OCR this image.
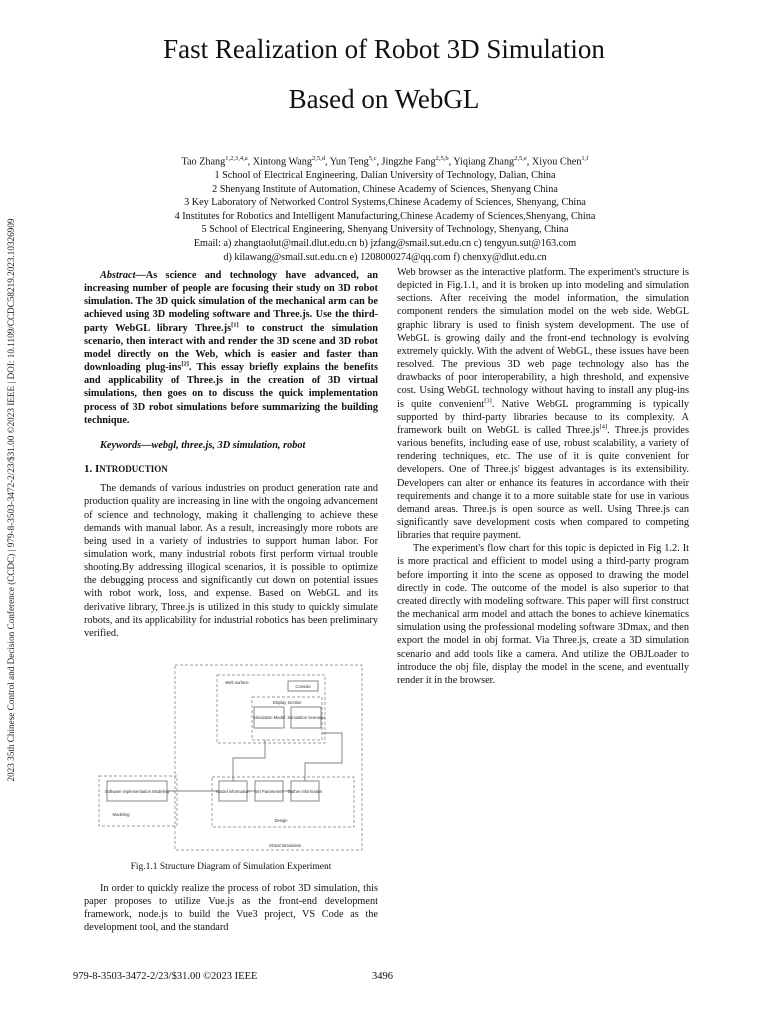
2023 35th Chinese Control and Decision Conference (CCDC) | 979-8-3503-3472-2/23/$31.00 ©2023 IEEE | DOI: 10.1109/CCDC58219.2023.10326909
Fast Realization of Robot 3D Simulation
Based on WebGL
Tao Zhang$^{1,2,3,4,a}$, Xintong Wang$^{2,5,d}$, Yun Teng$^{5,c}$, Jingzhe Fang$^{2,5,b}$, Yiqiang Zhang$^{2,5,e}$, Xiyou Chen$^{1,f}$
1 School of Electrical Engineering, Dalian University of Technology, Dalian, China
2 Shenyang Institute of Automation, Chinese Academy of Sciences, Shenyang China
3 Key Laboratory of Networked Control Systems,Chinese Academy of Sciences, Shenyang, China
4 Institutes for Robotics and Intelligent Manufacturing,Chinese Academy of Sciences,Shenyang, China
5 School of Electrical Engineering, Shenyang University of Technology, Shenyang, China
Email: a) zhangtaolut@mail.dlut.edu.cn b) jzfang@smail.sut.edu.cn c) tengyun.sut@163.com
d) kilawang@smail.sut.edu.cn e) 1208000274@qq.com f) chenxy@dlut.edu.cn

Abstract—As science and technology have advanced, an increasing number of people are focusing their study on 3D robot simulation. The 3D quick simulation of the mechanical arm can be achieved using 3D modeling software and Three.js. Use the third-party WebGL library Three.js[1] to construct the simulation scenario, then interact with and render the 3D scene and 3D robot model directly on the Web, which is easier and faster than downloading plug-ins[2]. This essay briefly explains the benefits and applicability of Three.js in the creation of 3D virtual simulations, then goes on to discuss the quick implementation process of 3D robot simulations before summarizing the building technique.

Keywords—webgl, three.js, 3D simulation, robot

1. INTRODUCTION

The demands of various industries on product generation rate and production quality are increasing in line with the ongoing advancement of science and technology, making it challenging to achieve these demands with manual labor. As a result, increasingly more robots are being used in a variety of industries to support human labor. For simulation work, many industrial robots first perform virtual trouble shooting.By addressing illogical scenarios, it is possible to optimize the debugging process and significantly cut down on potential issues with robot work, loss, and expense. Based on WebGL and its derivative library, Three.js is utilized in this study to quickly simulate robots, and its applicability for industrial robotics has been preliminary verified.

Web surface
Console
Display Section
Simulation Model Simulation Scenario
Software implementation Modeling	Model information Set Parameters Gather information
Modeling
Design
Virtual Simulation
Fig.1.1 Structure Diagram of Simulation Experiment

In order to quickly realize the process of robot 3D simulation, this paper proposes to utilize Vue.js as the front-end development framework, node.js to build the Vue3 project, VS Code as the development tool, and the standard

Web browser as the interactive platform. The experiment's structure is depicted in Fig.1.1, and it is broken up into modeling and simulation sections. After receiving the model information, the simulation component renders the simulation model on the web side. WebGL graphic library is used to finish system development. The use of WebGL is growing daily and the front-end technology is evolving extremely quickly. With the advent of WebGL, these issues have been resolved. The previous 3D web page technology also has the drawbacks of poor interoperability, a high threshold, and expensive cost. Using WebGL technology without having to install any plug-ins is quite convenient[3]. Native WebGL programming is typically supported by third-party libraries because to its complexity. A framework built on WebGL is called Three.js[4]. Three.js provides various benefits, including ease of use, robust scalability, a variety of rendering techniques, etc. The use of it is quite convenient for developers. One of Three.js' biggest advantages is its extensibility. Developers can alter or enhance its features in accordance with their requirements and change it to a more suitable state for use in various demand areas. Three.js is open source as well. Using Three.js can significantly save development costs when compared to competing libraries that require payment.

The experiment's flow chart for this topic is depicted in Fig 1.2. It is more practical and efficient to model using a third-party program before importing it into the scene as opposed to drawing the model directly in code. The outcome of the model is also superior to that created directly with modeling software. This paper will first construct the mechanical arm model and attach the bones to achieve kinematics simulation using the professional modeling software 3Dmax, and then export the model in obj format. Via Three.js, create a 3D simulation scenario and add tools like a camera. And utilize the OBJLoader to introduce the obj file, display the model in the scene, and eventually render it in the browser.

979-8-3503-3472-2/23/$31.00 ©2023 IEEE	3496
